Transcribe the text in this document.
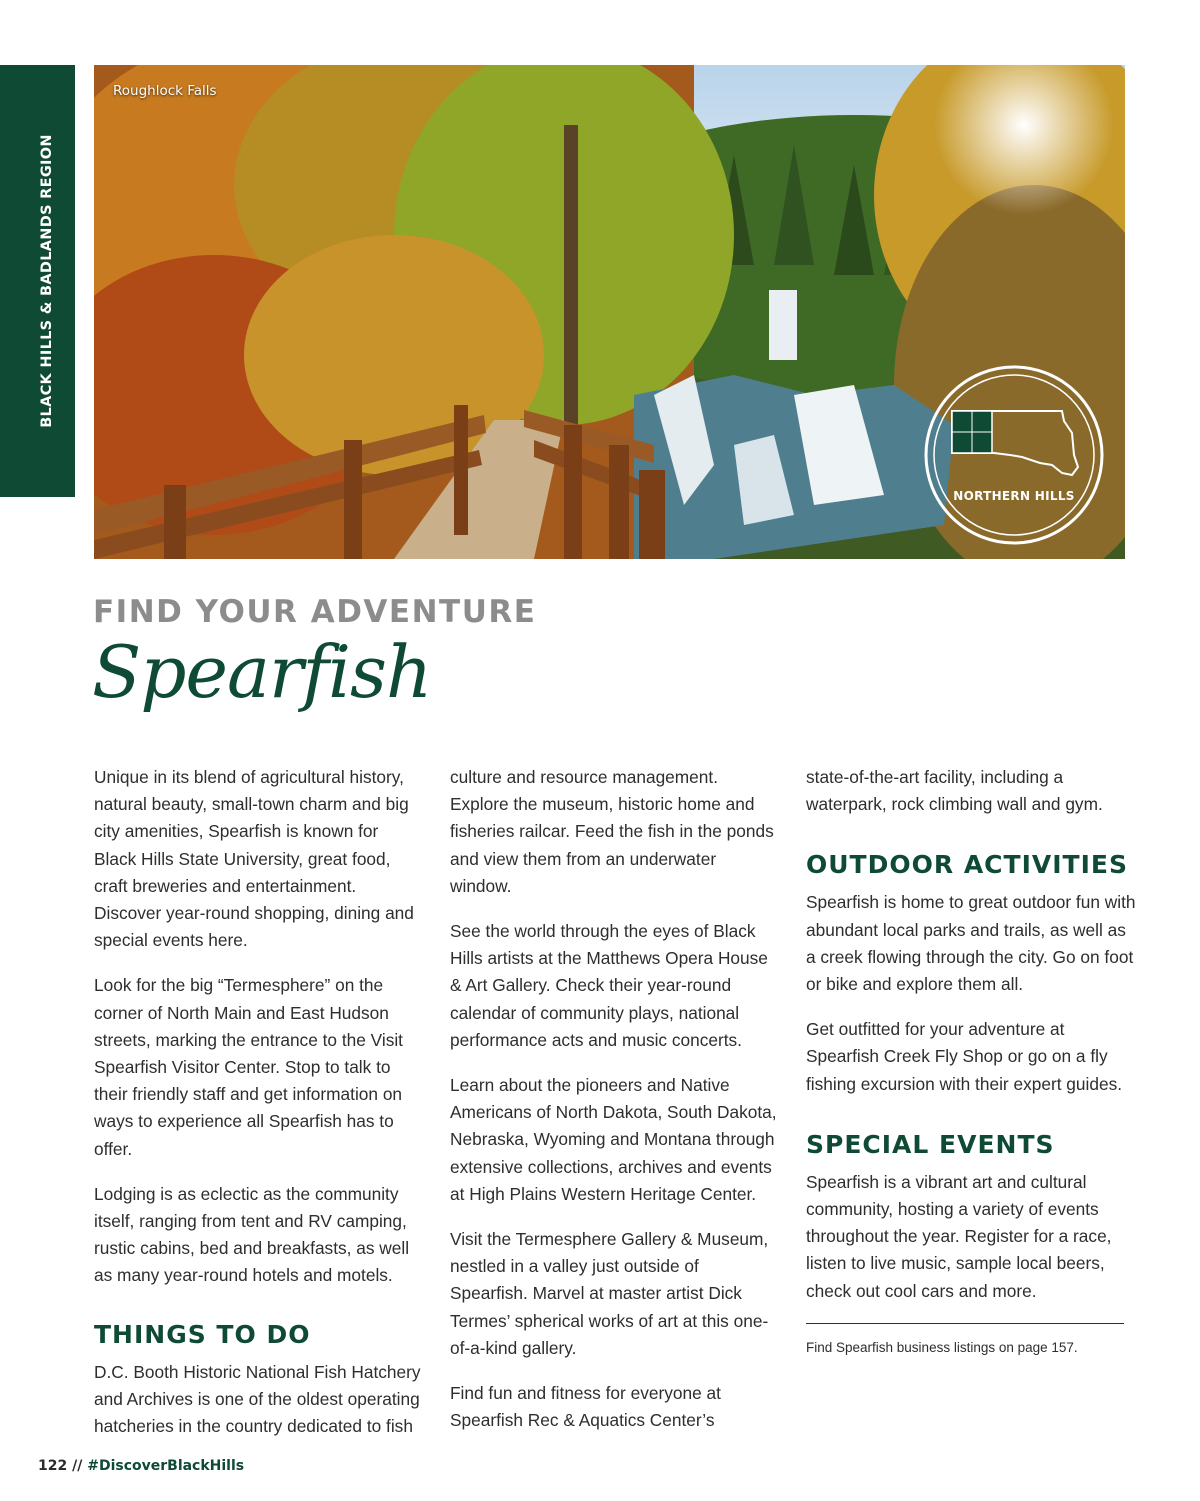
BLACK HILLS & BADLANDS REGION
Roughlock Falls
NORTHERN HILLS
FIND YOUR ADVENTURE
Spearfish

Unique in its blend of agricultural history, natural beauty, small-town charm and big city amenities, Spearfish is known for Black Hills State University, great food, craft breweries and entertainment. Discover year-round shopping, dining and special events here.

Look for the big “Termesphere” on the corner of North Main and East Hudson streets, marking the entrance to the Visit Spearfish Visitor Center. Stop to talk to their friendly staff and get information on ways to experience all Spearfish has to offer.

Lodging is as eclectic as the community itself, ranging from tent and RV camping, rustic cabins, bed and breakfasts, as well as many year-round hotels and motels.

THINGS TO DO

D.C. Booth Historic National Fish Hatchery and Archives is one of the oldest operating hatcheries in the country dedicated to fish

culture and resource management. Explore the museum, historic home and fisheries railcar. Feed the fish in the ponds and view them from an underwater window.

See the world through the eyes of Black Hills artists at the Matthews Opera House & Art Gallery. Check their year-round calendar of community plays, national performance acts and music concerts.

Learn about the pioneers and Native Americans of North Dakota, South Dakota, Nebraska, Wyoming and Montana through extensive collections, archives and events at High Plains Western Heritage Center.

Visit the Termesphere Gallery & Museum, nestled in a valley just outside of Spearfish. Marvel at master artist Dick Termes’ spherical works of art at this one-of-a-kind gallery.

Find fun and fitness for everyone at Spearfish Rec & Aquatics Center’s

state-of-the-art facility, including a waterpark, rock climbing wall and gym.

OUTDOOR ACTIVITIES

Spearfish is home to great outdoor fun with abundant local parks and trails, as well as a creek flowing through the city. Go on foot or bike and explore them all.

Get outfitted for your adventure at Spearfish Creek Fly Shop or go on a fly fishing excursion with their expert guides.

SPECIAL EVENTS

Spearfish is a vibrant art and cultural community, hosting a variety of events throughout the year. Register for a race, listen to live music, sample local beers, check out cool cars and more.

Find Spearfish business listings on page 157.
122 // #DiscoverBlackHills
